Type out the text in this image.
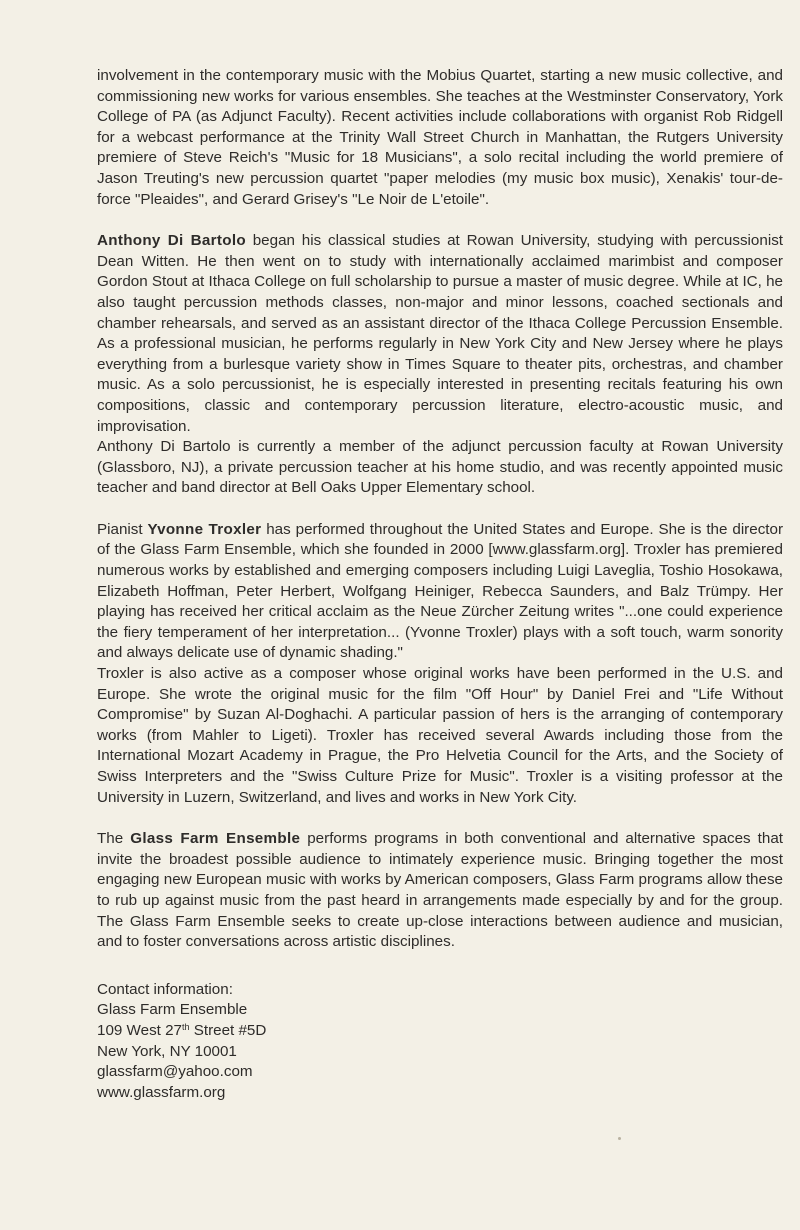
involvement in the contemporary music with the Mobius Quartet, starting a new music collective, and commissioning new works for various ensembles. She teaches at the Westminster Conservatory, York College of PA (as Adjunct Faculty). Recent activities include collaborations with organist Rob Ridgell for a webcast performance at the Trinity Wall Street Church in Manhattan, the Rutgers University premiere of Steve Reich's "Music for 18 Musicians", a solo recital including the world premiere of Jason Treuting's new percussion quartet "paper melodies (my music box music), Xenakis' tour-de-force "Pleaides", and Gerard Grisey's "Le Noir de L'etoile".

Anthony Di Bartolo began his classical studies at Rowan University, studying with percussionist Dean Witten. He then went on to study with internationally acclaimed marimbist and composer Gordon Stout at Ithaca College on full scholarship to pursue a master of music degree. While at IC, he also taught percussion methods classes, non-major and minor lessons, coached sectionals and chamber rehearsals, and served as an assistant director of the Ithaca College Percussion Ensemble. As a professional musician, he performs regularly in New York City and New Jersey where he plays everything from a burlesque variety show in Times Square to theater pits, orchestras, and chamber music. As a solo percussionist, he is especially interested in presenting recitals featuring his own compositions, classic and contemporary percussion literature, electro-acoustic music, and improvisation.

Anthony Di Bartolo is currently a member of the adjunct percussion faculty at Rowan University (Glassboro, NJ), a private percussion teacher at his home studio, and was recently appointed music teacher and band director at Bell Oaks Upper Elementary school.

Pianist Yvonne Troxler has performed throughout the United States and Europe. She is the director of the Glass Farm Ensemble, which she founded in 2000 [www.glassfarm.org]. Troxler has premiered numerous works by established and emerging composers including Luigi Laveglia, Toshio Hosokawa, Elizabeth Hoffman, Peter Herbert, Wolfgang Heiniger, Rebecca Saunders, and Balz Trümpy. Her playing has received her critical acclaim as the Neue Zürcher Zeitung writes "...one could experience the fiery temperament of her interpretation... (Yvonne Troxler) plays with a soft touch, warm sonority and always delicate use of dynamic shading."

Troxler is also active as a composer whose original works have been performed in the U.S. and Europe. She wrote the original music for the film "Off Hour" by Daniel Frei and "Life Without Compromise" by Suzan Al-Doghachi. A particular passion of hers is the arranging of contemporary works (from Mahler to Ligeti). Troxler has received several Awards including those from the International Mozart Academy in Prague, the Pro Helvetia Council for the Arts, and the Society of Swiss Interpreters and the "Swiss Culture Prize for Music". Troxler is a visiting professor at the University in Luzern, Switzerland, and lives and works in New York City.

The Glass Farm Ensemble performs programs in both conventional and alternative spaces that invite the broadest possible audience to intimately experience music. Bringing together the most engaging new European music with works by American composers, Glass Farm programs allow these to rub up against music from the past heard in arrangements made especially by and for the group. The Glass Farm Ensemble seeks to create up-close interactions between audience and musician, and to foster conversations across artistic disciplines.

Contact information:
Glass Farm Ensemble
109 West 27th Street #5D
New York, NY 10001
glassfarm@yahoo.com
www.glassfarm.org
